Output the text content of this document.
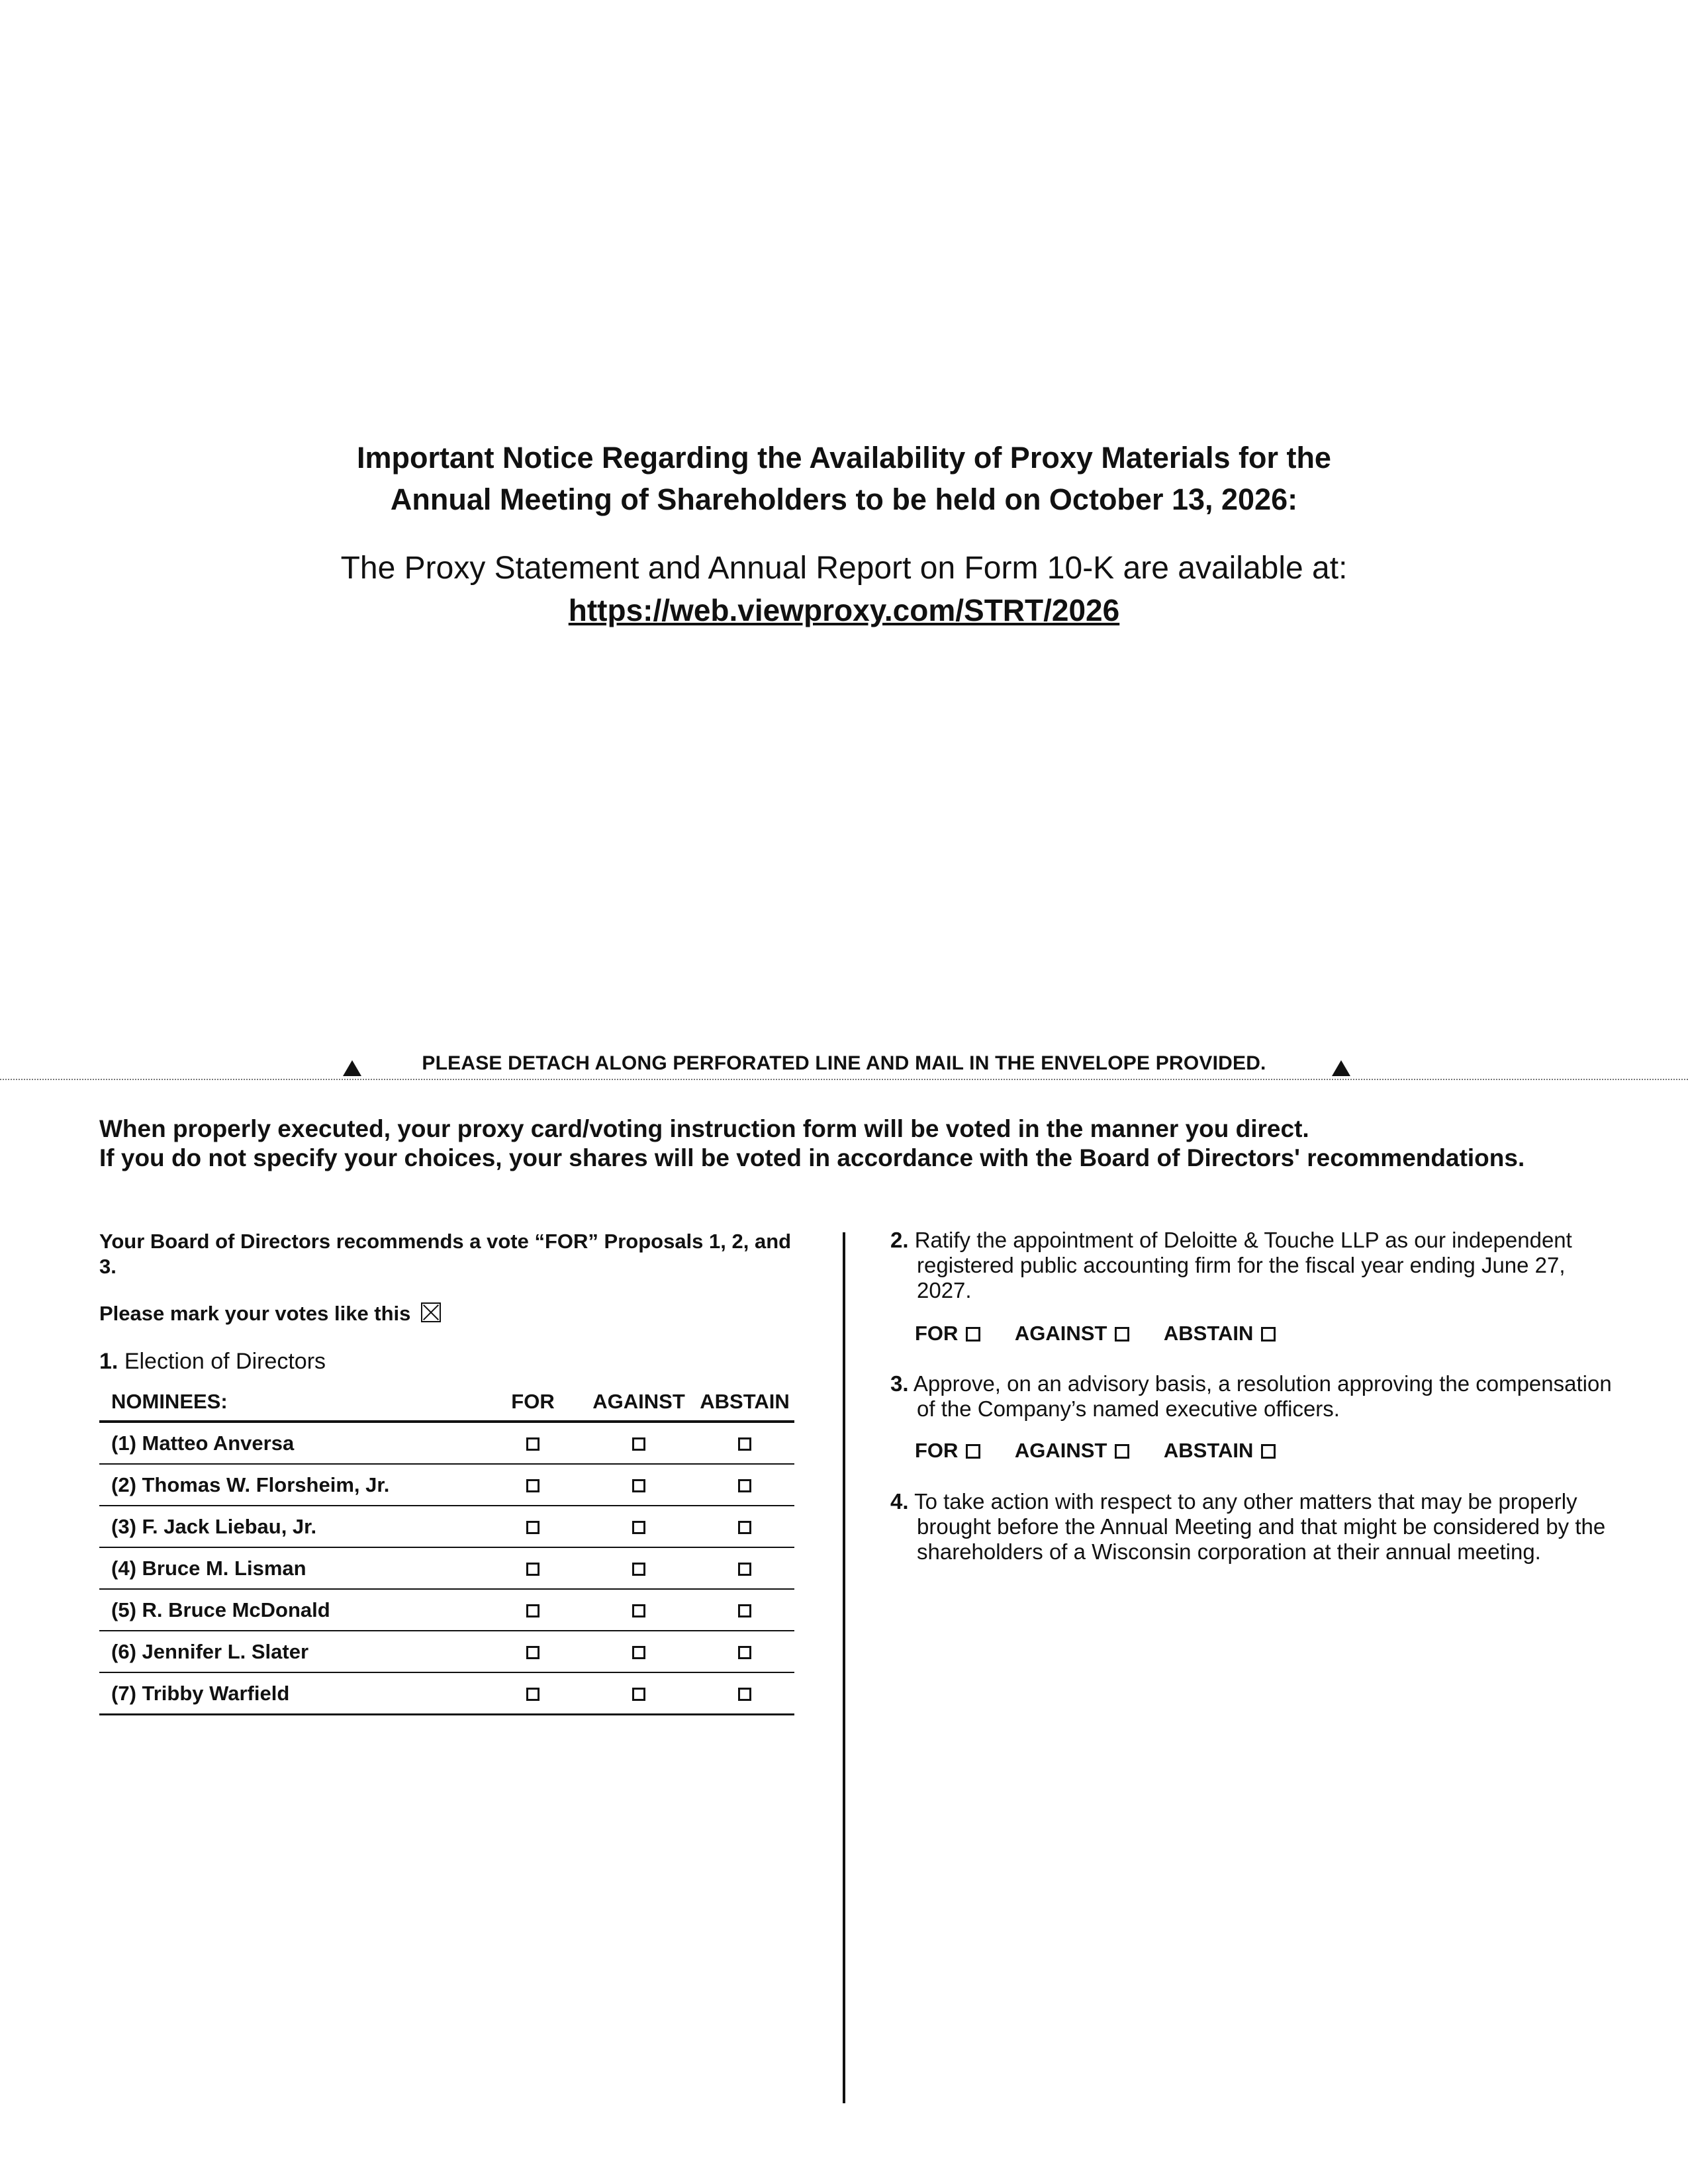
Important Notice Regarding the Availability of Proxy Materials for the
Annual Meeting of Shareholders to be held on October 13, 2026:
The Proxy Statement and Annual Report on Form 10-K are available at:
https://web.viewproxy.com/STRT/2026
PLEASE DETACH ALONG PERFORATED LINE AND MAIL IN THE ENVELOPE PROVIDED.
When properly executed, your proxy card/voting instruction form will be voted in the manner you direct.
If you do not specify your choices, your shares will be voted in accordance with the Board of Directors' recommendations.
Your Board of Directors recommends a vote “FOR” Proposals 1, 2, and 3.
Please mark your votes like this
1. Election of Directors
NOMINEES:	FOR	AGAINST	ABSTAIN
(1) Matteo Anversa			
(2) Thomas W. Florsheim, Jr.			
(3) F. Jack Liebau, Jr.			
(4) Bruce M. Lisman			
(5) R. Bruce McDonald			
(6) Jennifer L. Slater			
(7) Tribby Warfield			
2. Ratify the appointment of Deloitte & Touche LLP as our independent registered public accounting firm for the fiscal year ending June 27, 2027.
FOR	AGAINST	ABSTAIN
3. Approve, on an advisory basis, a resolution approving the compensation of the Company’s named executive officers.
FOR	AGAINST	ABSTAIN
4. To take action with respect to any other matters that may be properly brought before the Annual Meeting and that might be considered by the shareholders of a Wisconsin corporation at their annual meeting.
